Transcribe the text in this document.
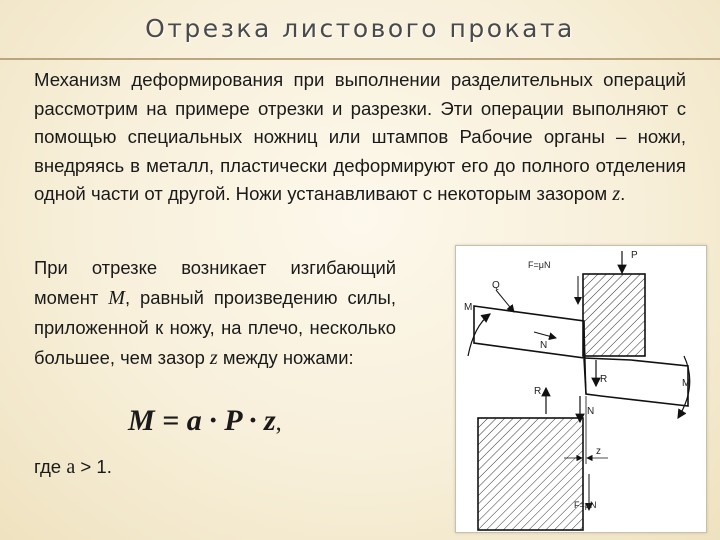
Отрезка листового проката
Механизм деформирования при выполнении разделительных операций рассмотрим на примере отрезки и разрезки. Эти операции выполняют с помощью специальных ножниц или штампов Рабочие органы – ножи, внедряясь в металл, пластически деформируют его до полного отделения одной части от другой. Ножи устанавливают с некоторым зазором z.
При отрезке возникает изгибающий момент M, равный произведению силы, приложенной к ножу, на плечо, несколько большее, чем зазор z между ножами:
M = a · P · z,
где a > 1.
P
F=μN
Q
M
N
R
R
N
M
z
F=μN
